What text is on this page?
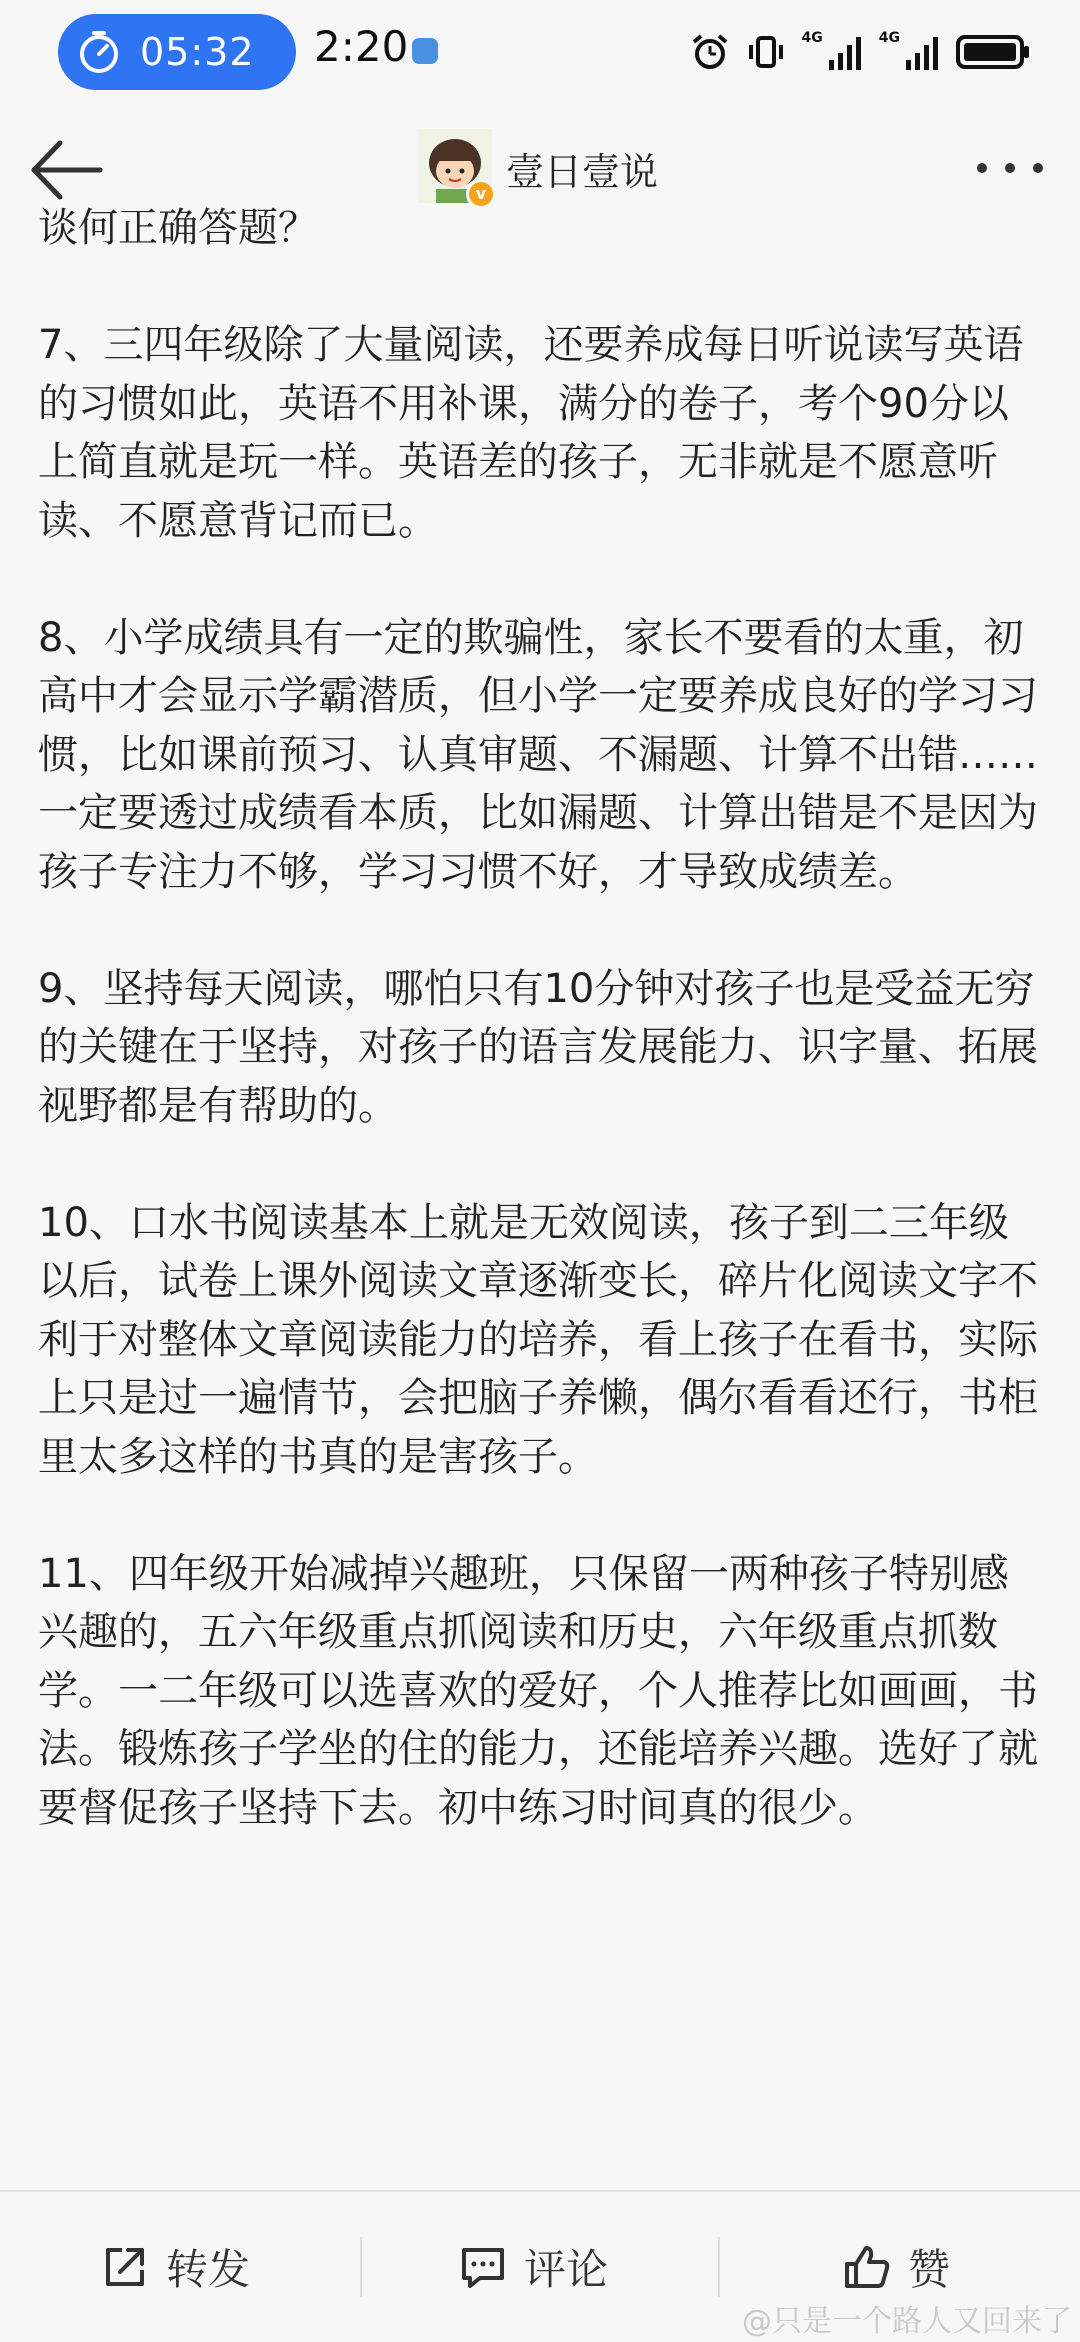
05:32 2:20	4G	4G
v 壹日壹说

谈何正确答题？

7、三四年级除了大量阅读，还要养成每日听说读写英语的习惯如此，英语不用补课，满分的卷子，考个90分以上简直就是玩一样。英语差的孩子，无非就是不愿意听读、不愿意背记而已。

8、小学成绩具有一定的欺骗性，家长不要看的太重，初高中才会显示学霸潜质，但小学一定要养成良好的学习习惯，比如课前预习、认真审题、不漏题、计算不出错……一定要透过成绩看本质，比如漏题、计算出错是不是因为孩子专注力不够，学习习惯不好，才导致成绩差。

9、坚持每天阅读，哪怕只有10分钟对孩子也是受益无穷的关键在于坚持，对孩子的语言发展能力、识字量、拓展视野都是有帮助的。

10、口水书阅读基本上就是无效阅读，孩子到二三年级以后，试卷上课外阅读文章逐渐变长，碎片化阅读文字不利于对整体文章阅读能力的培养，看上孩子在看书，实际上只是过一遍情节，会把脑子养懒，偶尔看看还行，书柜里太多这样的书真的是害孩子。

11、四年级开始减掉兴趣班，只保留一两种孩子特别感兴趣的，五六年级重点抓阅读和历史，六年级重点抓数学。一二年级可以选喜欢的爱好，个人推荐比如画画，书法。锻炼孩子学坐的住的能力，还能培养兴趣。选好了就要督促孩子坚持下去。初中练习时间真的很少。

转发	评论	赞
@只是一个路人又回来了
